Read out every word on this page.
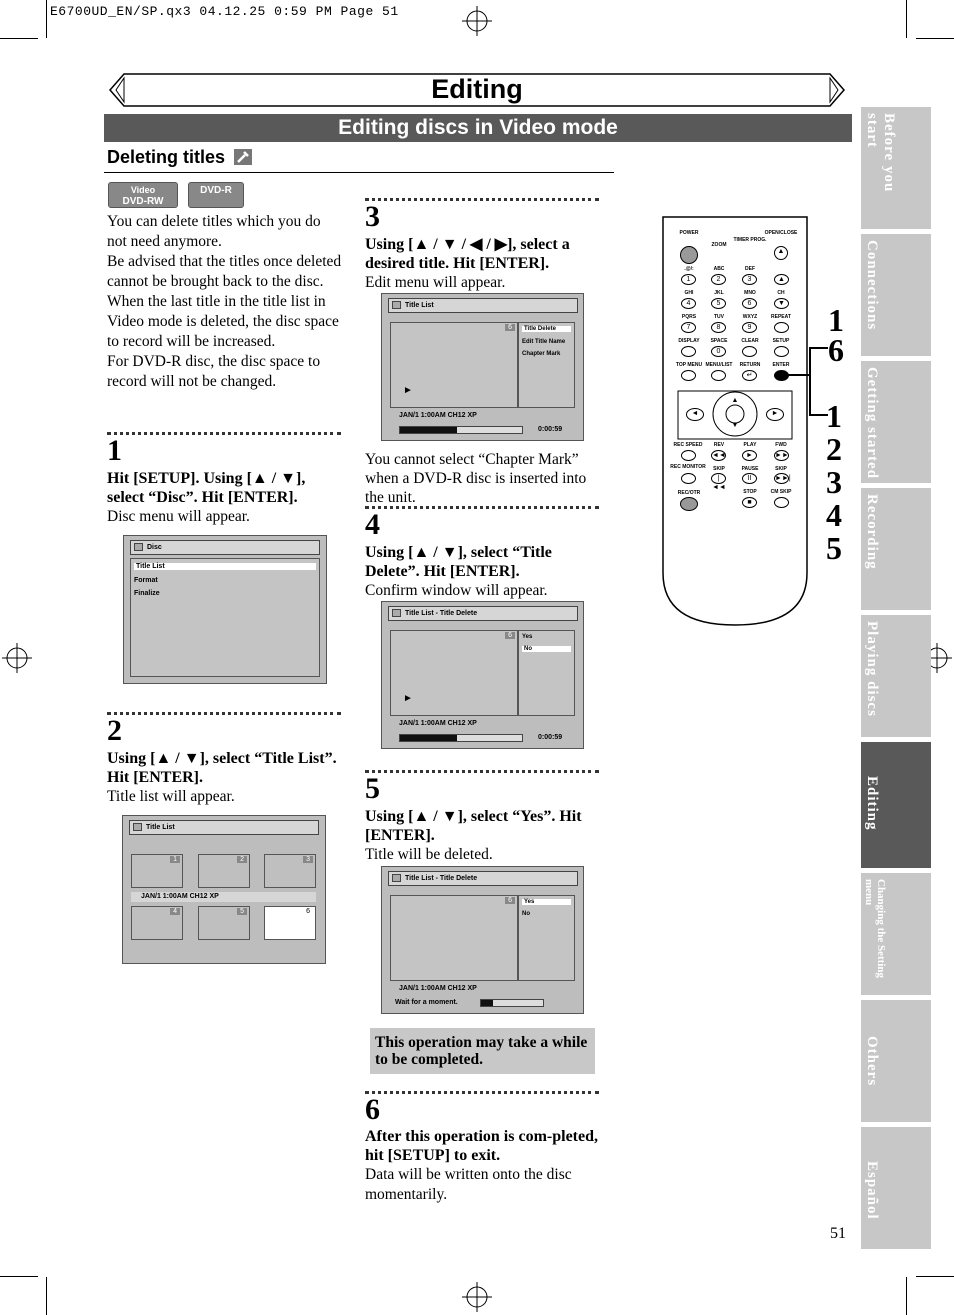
E6700UD_EN/SP.qx3 04.12.25 0:59 PM Page 51
Editing
Editing discs in Video mode
Deleting titles
Video
DVD-RW
DVD-R
You can delete titles which you do not need anymore.
Be advised that the titles once deleted cannot be brought back to the disc.
When the last title in the title list in Video mode is deleted, the disc space to record will be increased.
For DVD-R disc, the disc space to record will not be changed.
1
Hit [SETUP]. Using [▲ / ▼], select “Disc”. Hit [ENTER].
Disc menu will appear.
Disc
Title List
Format
Finalize
2
Using [▲ / ▼], select “Title List”. Hit [ENTER].
Title list will appear.
Title List
1	2	3
JAN/1 1:00AM CH12 XP
4	5	6
3
Using [▲ / ▼ / ◀ / ▶], select a desired title. Hit [ENTER].
Edit menu will appear.
Title List
6
►
Title Delete
Edit Title Name
Chapter Mark
JAN/1 1:00AM CH12 XP
0:00:59
You cannot select “Chapter Mark” when a DVD-R disc is inserted into the unit.
4
Using [▲ / ▼], select “Title Delete”. Hit [ENTER].
Confirm window will appear.
Title List - Title Delete
6
►
Yes
No
JAN/1 1:00AM CH12 XP
0:00:59
5
Using [▲ / ▼], select “Yes”. Hit [ENTER].
Title will be deleted.
Title List - Title Delete
6	Yes
No
JAN/1 1:00AM CH12 XP
Wait for a moment.
This operation may take a while to be completed.
6
After this operation is com-pleted, hit [SETUP] to exit.
Data will be written onto the disc momentarily.
▲
POWER	OPEN/CLOSE
ZOOM
TIMER PROG.
.@/:
1
ABC
2
DEF
3	▲
GHI
4
JKL
5
MNO
6
CH
▼
PQRS
7
TUV
8
WXYZ
9
REPEAT
DISPLAY	SPACE
0
CLEAR	SETUP
TOP MENU MENU/LIST	RETURN
↵
ENTER
◄	►
▲
▼
REC SPEED	REV
◄◄
PLAY
►
FWD
►►
REC MONITOR	SKIP
|◄◄
PAUSE
II
SKIP
►►|
REC/OTR	STOP
■
CM SKIP
1
6
1
2
3
4
5
Before you start
Connections
Getting started
Recording
Playing discs
Editing
Changing the Setting menu
Others
Español
51
